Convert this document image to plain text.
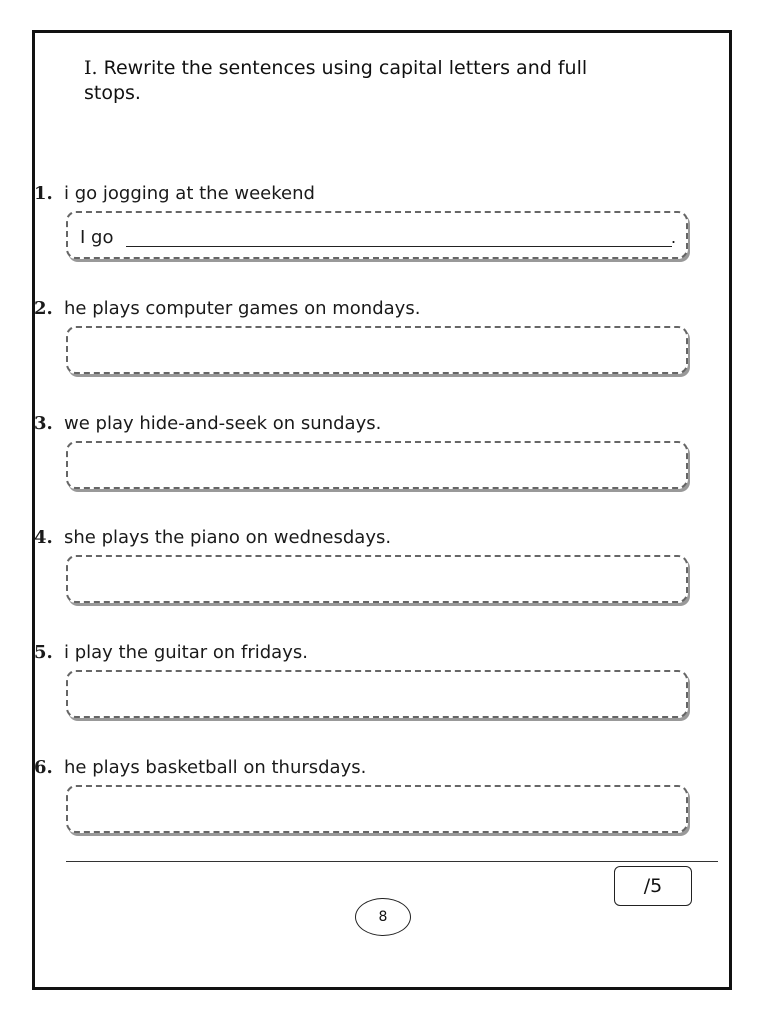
I. Rewrite the sentences using capital letters and full stops.
1. i go jogging at the weekend
I go	.
2. he plays computer games on mondays.
3. we play hide-and-seek on sundays.
4. she plays the piano on wednesdays.
5. i play the guitar on fridays.
6. he plays basketball on thursdays.
/5
8
